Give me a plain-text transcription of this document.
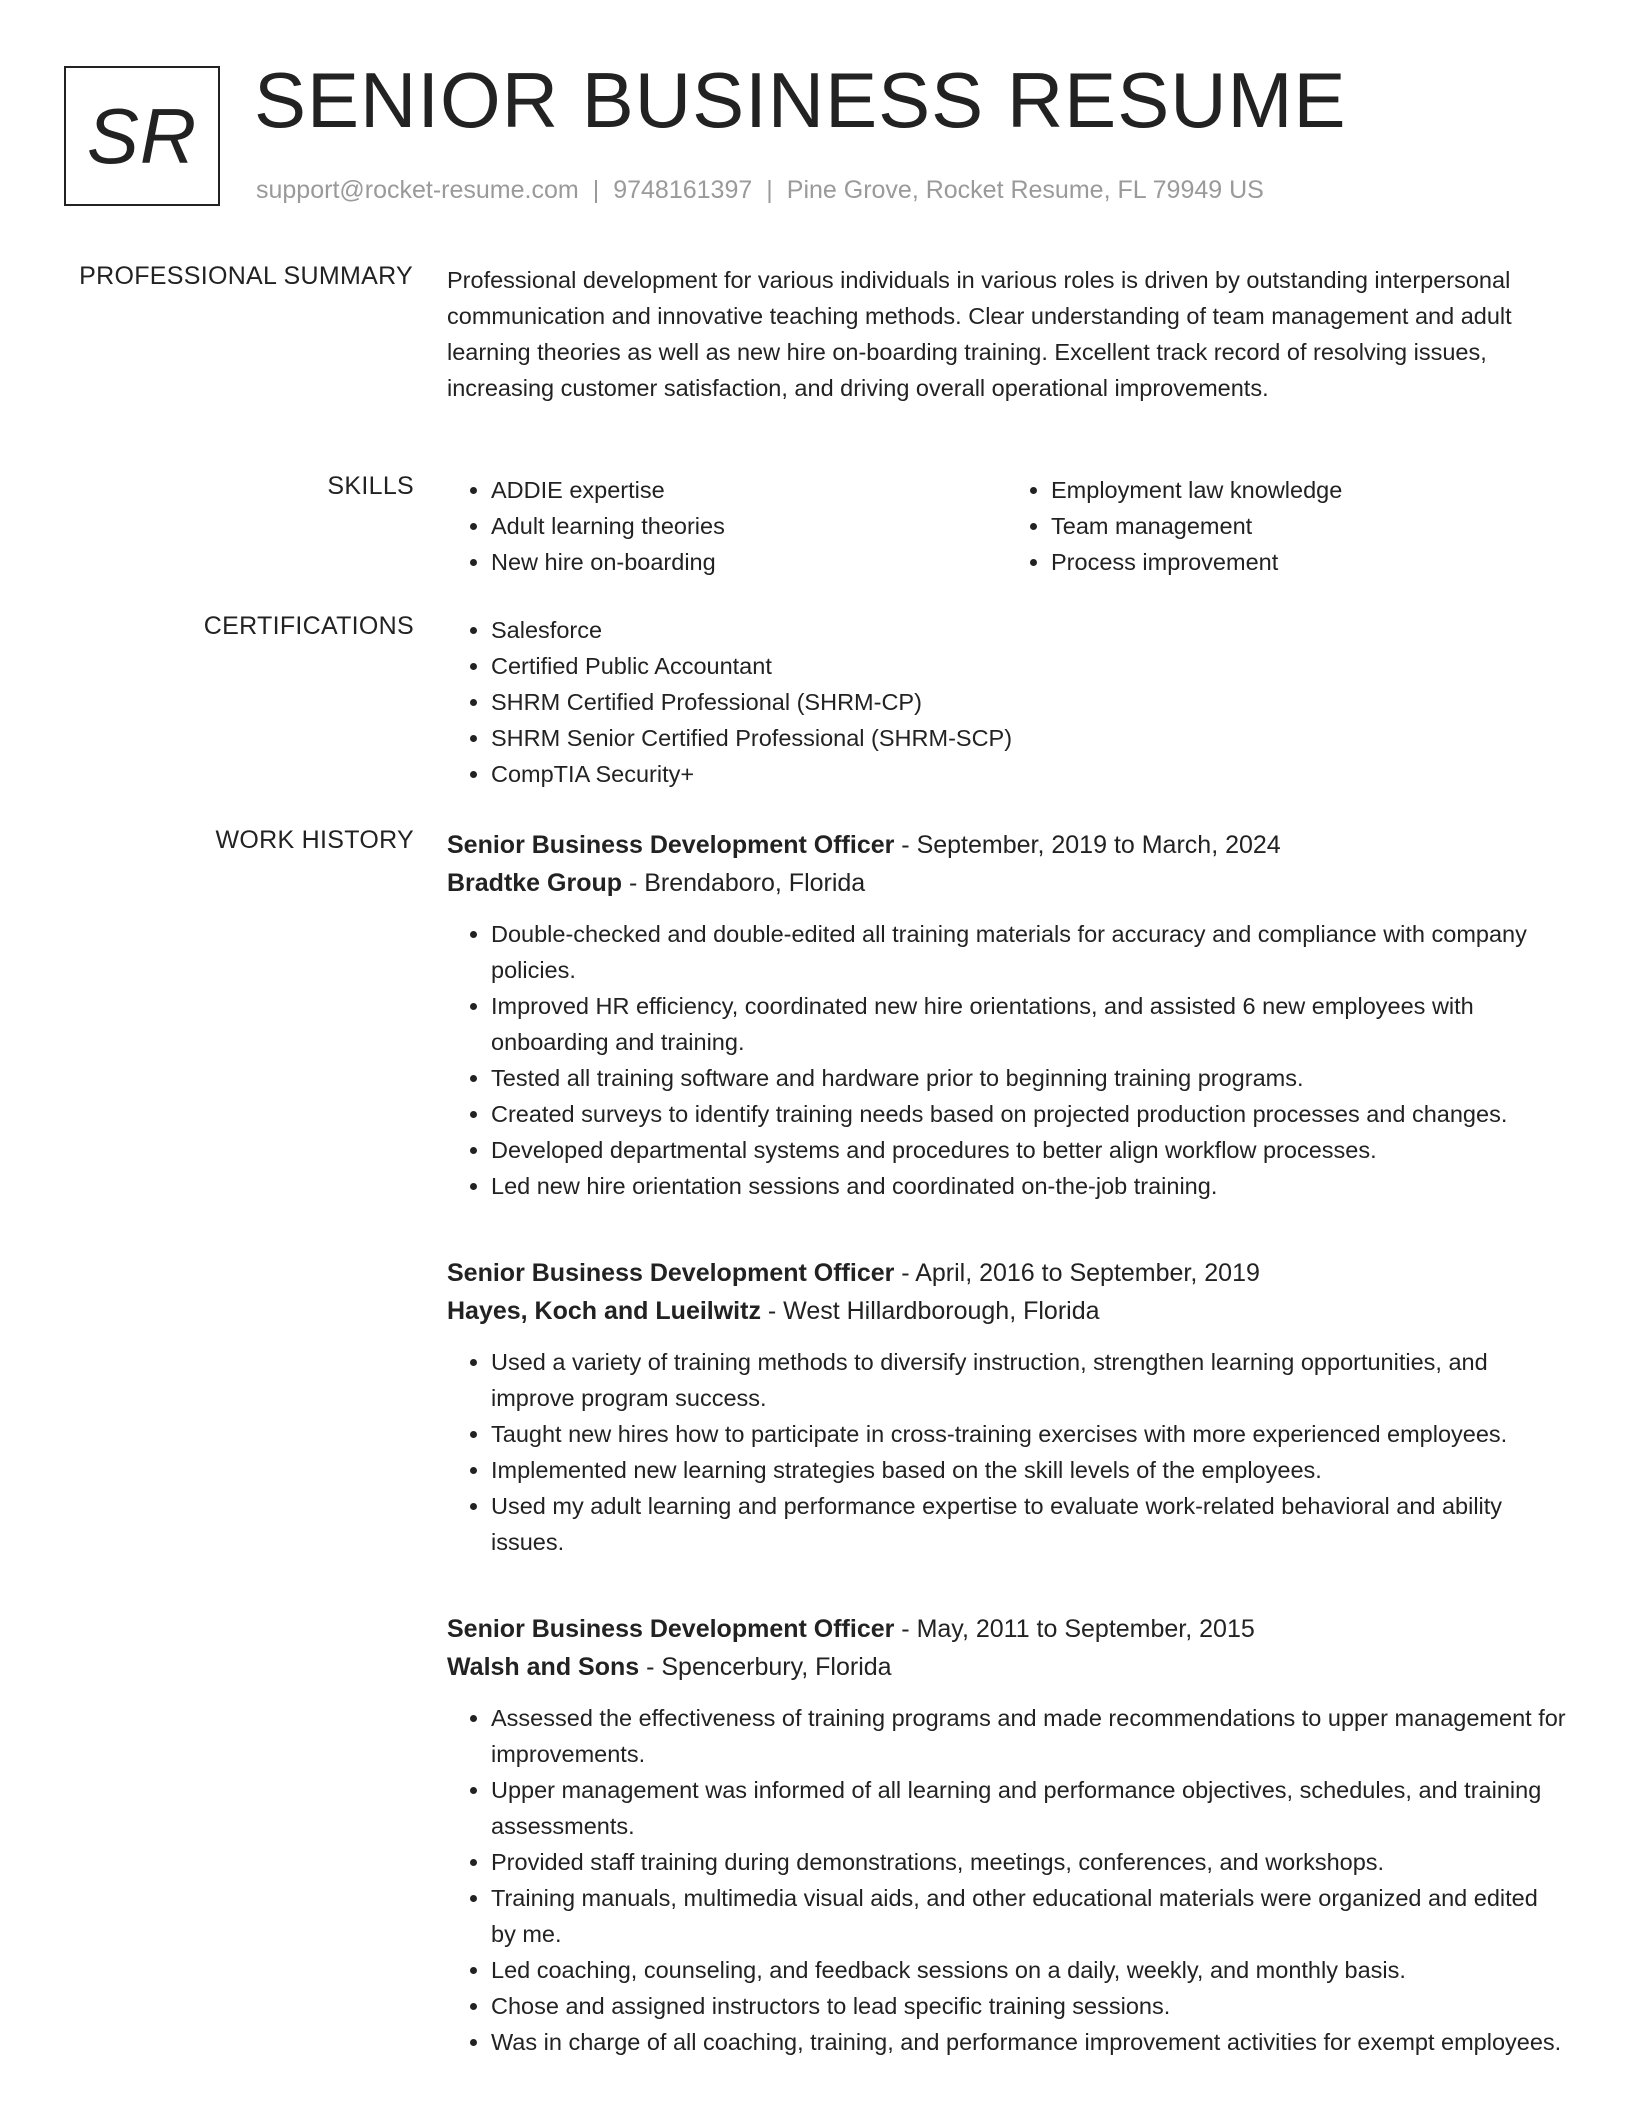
SR SENIOR BUSINESS RESUME
support@rocket-resume.com | 9748161397 | Pine Grove, Rocket Resume, FL 79949 US
PROFESSIONAL SUMMARY Professional development for various individuals in various roles is driven by outstanding interpersonal communication and innovative teaching methods. Clear understanding of team management and adult learning theories as well as new hire on-boarding training. Excellent track record of resolving issues, increasing customer satisfaction, and driving overall operational improvements.

SKILLS	• ADDIE expertise
• Adult learning theories
• New hire on-boarding
• Employment law knowledge
• Team management
• Process improvement
CERTIFICATIONS	• Salesforce
• Certified Public Accountant
• SHRM Certified Professional (SHRM-CP)
• SHRM Senior Certified Professional (SHRM-SCP)
• CompTIA Security+
WORK HISTORY Senior Business Development Officer - September, 2019 to March, 2024
Bradtke Group - Brendaboro, Florida
• Double-checked and double-edited all training materials for accuracy and compliance with company policies.
• Improved HR efficiency, coordinated new hire orientations, and assisted 6 new employees with onboarding and training.
• Tested all training software and hardware prior to beginning training programs.
• Created surveys to identify training needs based on projected production processes and changes.
• Developed departmental systems and procedures to better align workflow processes.
• Led new hire orientation sessions and coordinated on-the-job training.
Senior Business Development Officer - April, 2016 to September, 2019
Hayes, Koch and Lueilwitz - West Hillardborough, Florida
• Used a variety of training methods to diversify instruction, strengthen learning opportunities, and improve program success.
• Taught new hires how to participate in cross-training exercises with more experienced employees.
• Implemented new learning strategies based on the skill levels of the employees.
• Used my adult learning and performance expertise to evaluate work-related behavioral and ability issues.
Senior Business Development Officer - May, 2011 to September, 2015
Walsh and Sons - Spencerbury, Florida
• Assessed the effectiveness of training programs and made recommendations to upper management for improvements.
• Upper management was informed of all learning and performance objectives, schedules, and training assessments.
• Provided staff training during demonstrations, meetings, conferences, and workshops.
• Training manuals, multimedia visual aids, and other educational materials were organized and edited by me.
• Led coaching, counseling, and feedback sessions on a daily, weekly, and monthly basis.
• Chose and assigned instructors to lead specific training sessions.
• Was in charge of all coaching, training, and performance improvement activities for exempt employees.
